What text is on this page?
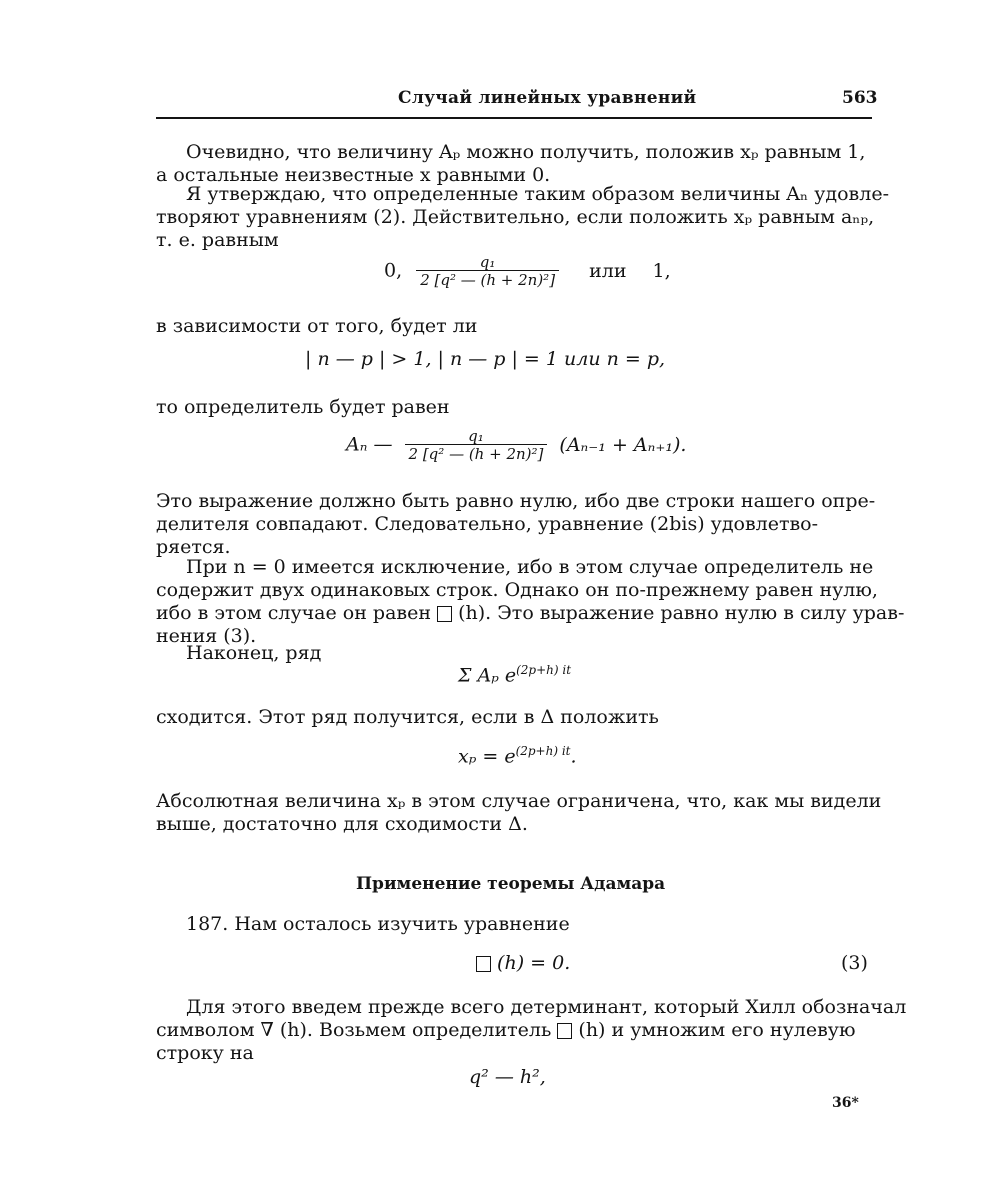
Случай линейных уравнений	563
Очевидно, что величину Aₚ можно получить, положив xₚ равным 1,
а остальные неизвестные x равными 0.
Я утверждаю, что определенные таким образом величины Aₙ удовле-
творяют уравнениям (2). Действительно, если положить xₚ равным aₙₚ,
т. е. равным
0, $\frac{\text{q₁}}{\text{2 [q² — (h + 2n)²]}}$ или 1,
в зависимости от того, будет ли
| n — p | > 1, | n — p | = 1 или n = p,
то определитель будет равен
Aₙ — $\frac{\text{q₁}}{\text{2 [q² — (h + 2n)²]}} (A_{n-1} + A_{n+1})$.
Это выражение должно быть равно нулю, ибо две строки нашего опре-
делителя совпадают. Следовательно, уравнение (2bis) удовлетво-
ряется.
При n = 0 имеется исключение, ибо в этом случае определитель не
содержит двух одинаковых строк. Однако он по-прежнему равен нулю,
ибо в этом случае он равен (h). Это выражение равно нулю в силу урав-
нения (3).
Наконец, ряд
Σ Aₚ $e^{(2p+h) it}$
сходится. Этот ряд получится, если в Δ положить
$x_p = e^{(2p+h) it}$.
Абсолютная величина xₚ в этом случае ограничена, что, как мы видели
выше, достаточно для сходимости Δ.
Применение теоремы Адамара
187. Нам осталось изучить уравнение
(h) = 0.	(3)
Для этого введем прежде всего детерминант, который Хилл обозначал
символом ∇ (h). Возьмем определитель (h) и умножим его нулевую
строку на
q² — h²,
36*
